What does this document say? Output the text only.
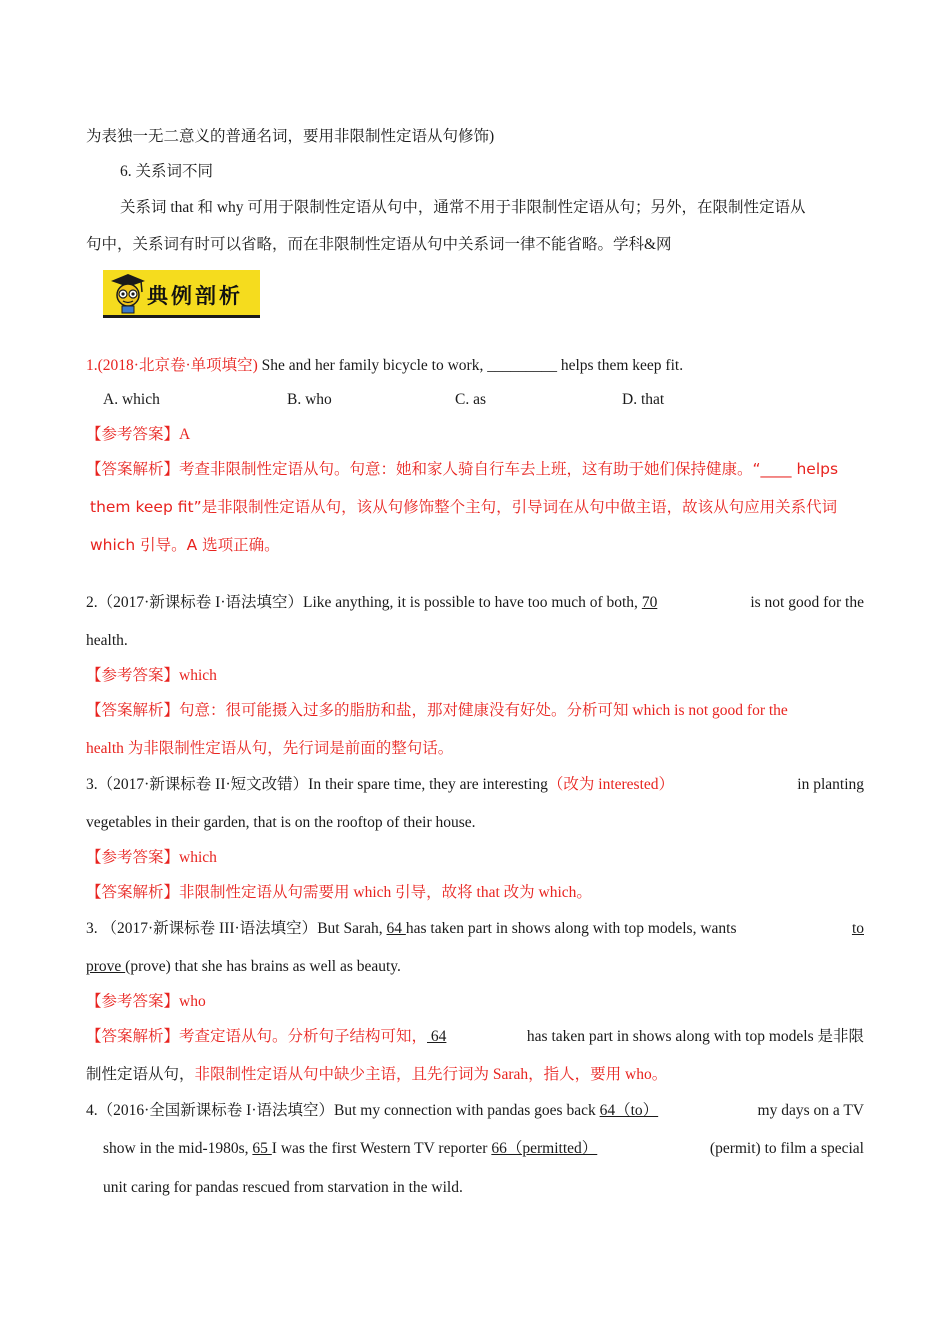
为表独一无二意义的普通名词，要用非限制性定语从句修饰)
6. 关系词不同
关系词 that 和 why 可用于限制性定语从句中，通常不用于非限制性定语从句；另外，在限制性定语从
句中，关系词有时可以省略，而在非限制性定语从句中关系词一律不能省略。学科&网
典例剖析
1.(2018·北京卷·单项填空) She and her family bicycle to work, _________ helps them keep fit.
A. which	B. who	C. as	D. that
【参考答案】A
【答案解析】考查非限制性定语从句。句意：她和家人骑自行车去上班，这有助于她们保持健康。“____ helps
them keep fit”是非限制性定语从句，该从句修饰整个主句，引导词在从句中做主语，故该从句应用关系代词
which 引导。A 选项正确。
2.（2017·新课标卷 I·语法填空）Like anything, it is possible to have too much of both, 70	is not good for the
health.
【参考答案】which
【答案解析】句意：很可能摄入过多的脂肪和盐，那对健康没有好处。分析可知 which is not good for the
health 为非限制性定语从句，先行词是前面的整句话。
3.（2017·新课标卷 II·短文改错）In their spare time, they are interesting（改为 interested）	in planting
vegetables in their garden, that is on the rooftop of their house.
【参考答案】which
【答案解析】非限制性定语从句需要用 which 引导，故将 that 改为 which。
3. （2017·新课标卷 III·语法填空）But Sarah, 64 has taken part in shows along with top models, wants	to
prove (prove) that she has brains as well as beauty.
【参考答案】who
【答案解析】考查定语从句。分析句子结构可知， 64	has taken part in shows along with top models 是非限
制性定语从句，非限制性定语从句中缺少主语，且先行词为 Sarah，指人，要用 who。
4.（2016·全国新课标卷 I·语法填空）But my connection with pandas goes back 64（to）	my days on a TV
show in the mid-1980s, 65 I was the first Western TV reporter 66（permitted）	(permit) to film a special
unit caring for pandas rescued from starvation in the wild.
